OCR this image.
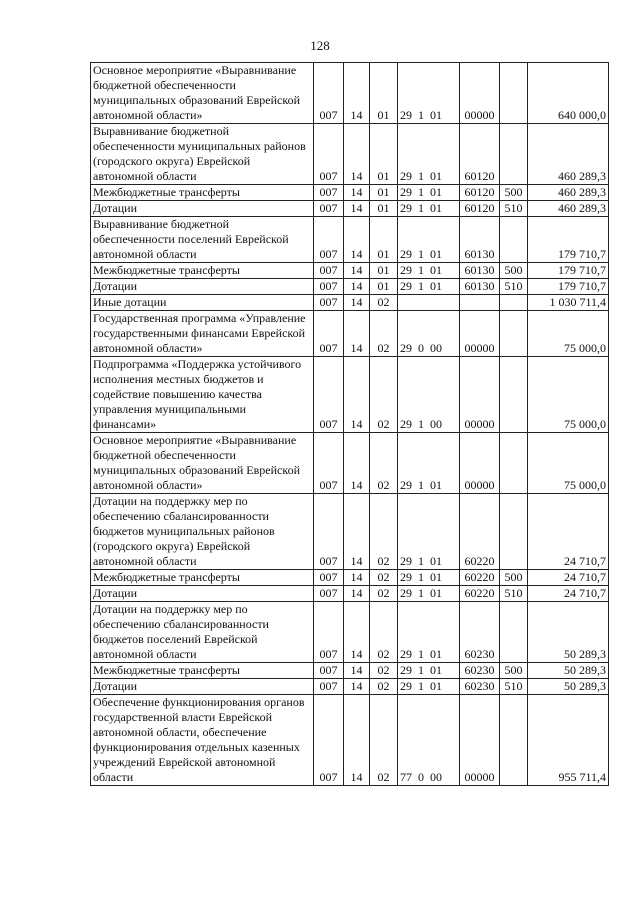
128
Основное мероприятие «Выравнивание бюджетной обеспеченности муниципальных образований Еврейской автономной области»	007	14	01	29  1  01	00000		640 000,0
Выравнивание бюджетной обеспеченности муниципальных районов (городского округа) Еврейской автономной области	007	14	01	29  1  01	60120		460 289,3
Межбюджетные трансферты	007	14	01	29  1  01	60120	500	460 289,3
Дотации	007	14	01	29  1  01	60120	510	460 289,3
Выравнивание бюджетной обеспеченности поселений Еврейской автономной области	007	14	01	29  1  01	60130		179 710,7
Межбюджетные трансферты	007	14	01	29  1  01	60130	500	179 710,7
Дотации	007	14	01	29  1  01	60130	510	179 710,7
Иные дотации	007	14	02				1 030 711,4
Государственная программа «Управление государственными финансами Еврейской автономной области»	007	14	02	29  0  00	00000		75 000,0
Подпрограмма «Поддержка устойчивого исполнения местных бюджетов и содействие повышению качества управления муниципальными финансами»	007	14	02	29  1  00	00000		75 000,0
Основное мероприятие «Выравнивание бюджетной обеспеченности муниципальных образований Еврейской автономной области»	007	14	02	29  1  01	00000		75 000,0
Дотации на поддержку мер по обеспечению сбалансированности бюджетов муниципальных районов (городского округа) Еврейской автономной области	007	14	02	29  1  01	60220		24 710,7
Межбюджетные трансферты	007	14	02	29  1  01	60220	500	24 710,7
Дотации	007	14	02	29  1  01	60220	510	24 710,7
Дотации на поддержку мер по обеспечению сбалансированности бюджетов поселений Еврейской автономной области	007	14	02	29  1  01	60230		50 289,3
Межбюджетные трансферты	007	14	02	29  1  01	60230	500	50 289,3
Дотации	007	14	02	29  1  01	60230	510	50 289,3
Обеспечение функционирования органов государственной власти Еврейской автономной области, обеспечение функционирования отдельных казенных учреждений Еврейской автономной области	007	14	02	77  0  00	00000		955 711,4
